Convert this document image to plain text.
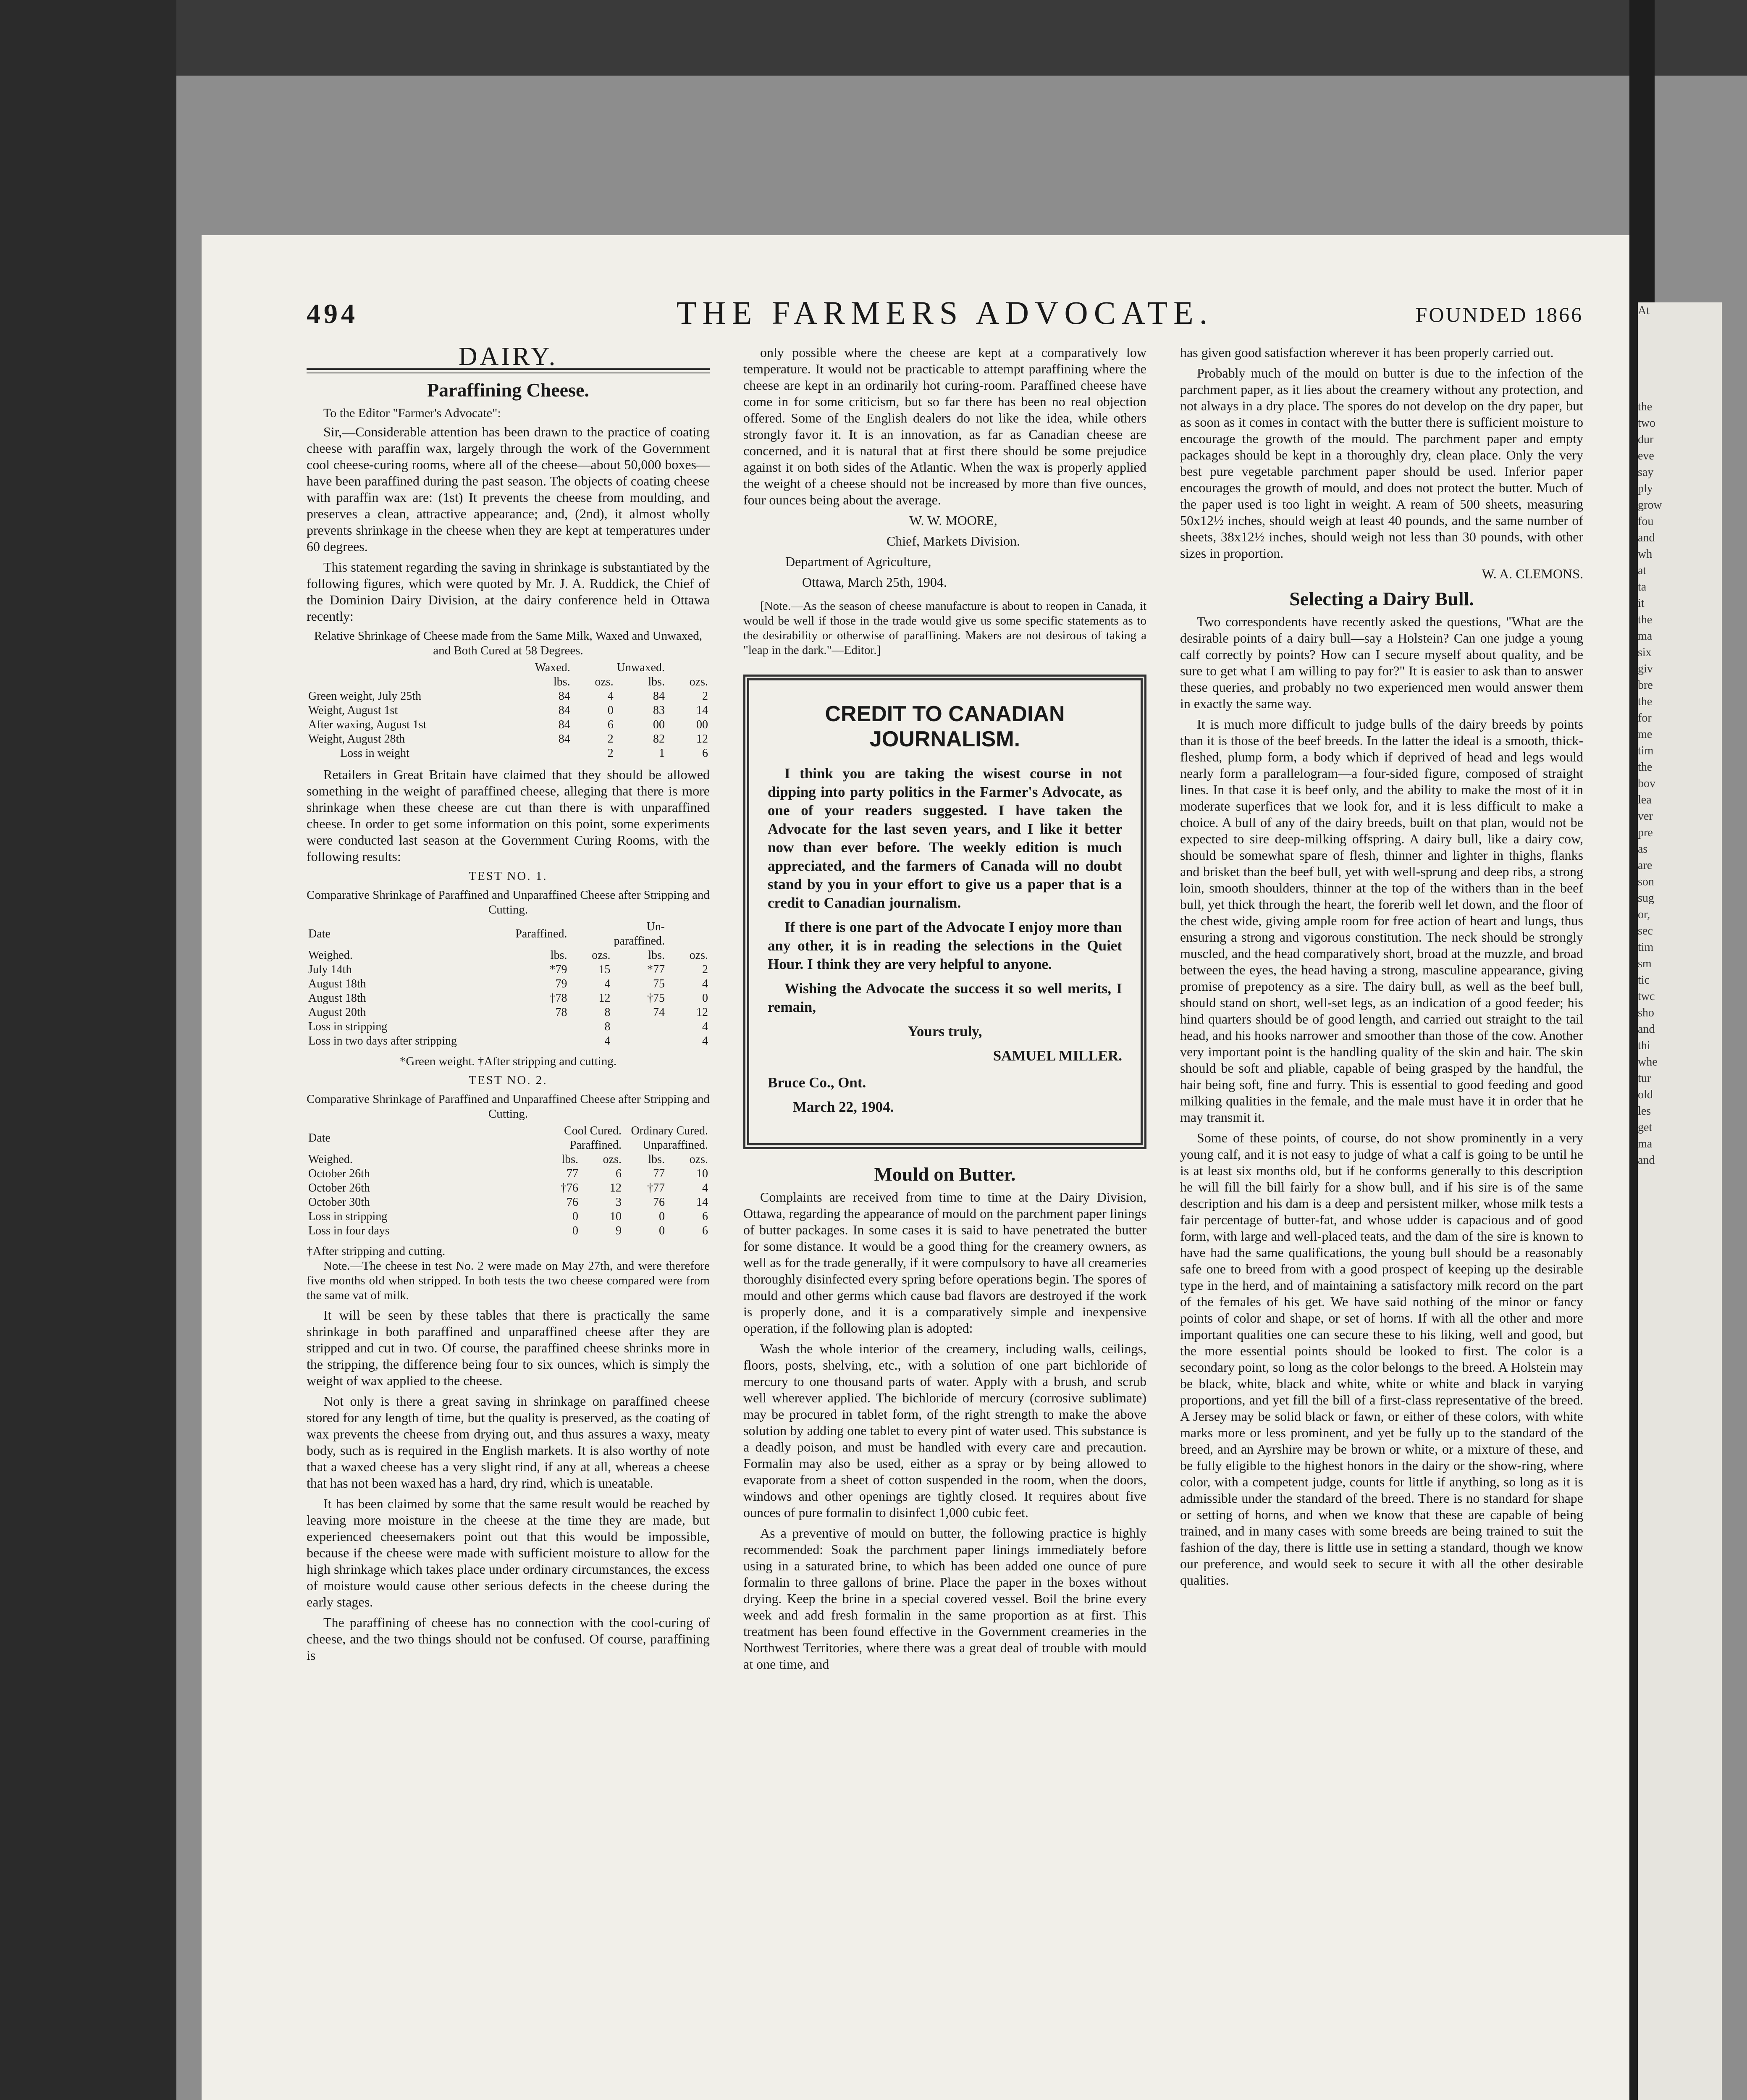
At
the
two
dur
eve
say
ply
grow
fou
and
wh
at
ta
it
the
ma
six
giv
bre
the
for
me
tim
the
bov
lea
ver
pre
as
are
son
sug
or,
sec
tim
sm
tic
twc
sho
and
thi
whe
tur
old
les
get
ma
and
494	THE FARMERS ADVOCATE.	FOUNDED 1866
DAIRY.
Paraffining Cheese.
To the Editor "Farmer's Advocate":

Sir,—Considerable attention has been drawn to the practice of coating cheese with paraffin wax, largely through the work of the Government cool cheese-curing rooms, where all of the cheese—about 50,000 boxes—have been paraffined during the past season. The objects of coating cheese with paraffin wax are: (1st) It prevents the cheese from moulding, and preserves a clean, attractive appearance; and, (2nd), it almost wholly prevents shrinkage in the cheese when they are kept at temperatures under 60 degrees.

This statement regarding the saving in shrinkage is substantiated by the following figures, which were quoted by Mr. J. A. Ruddick, the Chief of the Dominion Dairy Division, at the dairy conference held in Ottawa recently:

Relative Shrinkage of Cheese made from the Same Milk, Waxed and Unwaxed, and Both Cured at 58 Degrees.
	Waxed.		Unwaxed.	
	lbs.	ozs.	lbs.	ozs.
Green weight, July 25th	84	4	84	2
Weight, August 1st	84	0	83	14
After waxing, August 1st	84	6	00	00
Weight, August 28th	84	2	82	12
Loss in weight		2	1	6

Retailers in Great Britain have claimed that they should be allowed something in the weight of paraffined cheese, alleging that there is more shrinkage when these cheese are cut than there is with unparaffined cheese. In order to get some information on this point, some experiments were conducted last season at the Government Curing Rooms, with the following results:

TEST NO. 1.
Comparative Shrinkage of Paraffined and Unparaffined Cheese after Stripping and Cutting.
Date	Paraffined.		Un-paraffined.	
Weighed.	lbs.	ozs.	lbs.	ozs.
July 14th	*79	15	*77	2
August 18th	79	4	75	4
August 18th	†78	12	†75	0
August 20th	78	8	74	12
Loss in stripping		8		4
Loss in two days after stripping		4		4
*Green weight. †After stripping and cutting.
TEST NO. 2.
Comparative Shrinkage of Paraffined and Unparaffined Cheese after Stripping and Cutting.
Date	Cool Cured. Paraffined.		Ordinary Cured. Unparaffined.	
Weighed.	lbs.	ozs.	lbs.	ozs.
October 26th	77	6	77	10
October 26th	†76	12	†77	4
October 30th	76	3	76	14
Loss in stripping	0	10	0	6
Loss in four days	0	9	0	6
†After stripping and cutting.

Note.—The cheese in test No. 2 were made on May 27th, and were therefore five months old when stripped. In both tests the two cheese compared were from the same vat of milk.

It will be seen by these tables that there is practically the same shrinkage in both paraffined and unparaffined cheese after they are stripped and cut in two. Of course, the paraffined cheese shrinks more in the stripping, the difference being four to six ounces, which is simply the weight of wax applied to the cheese.

Not only is there a great saving in shrinkage on paraffined cheese stored for any length of time, but the quality is preserved, as the coating of wax prevents the cheese from drying out, and thus assures a waxy, meaty body, such as is required in the English markets. It is also worthy of note that a waxed cheese has a very slight rind, if any at all, whereas a cheese that has not been waxed has a hard, dry rind, which is uneatable.

It has been claimed by some that the same result would be reached by leaving more moisture in the cheese at the time they are made, but experienced cheesemakers point out that this would be impossible, because if the cheese were made with sufficient moisture to allow for the high shrinkage which takes place under ordinary circumstances, the excess of moisture would cause other serious defects in the cheese during the early stages.

The paraffining of cheese has no connection with the cool-curing of cheese, and the two things should not be confused. Of course, paraffining is

only possible where the cheese are kept at a comparatively low temperature. It would not be practicable to attempt paraffining where the cheese are kept in an ordinarily hot curing-room. Paraffined cheese have come in for some criticism, but so far there has been no real objection offered. Some of the English dealers do not like the idea, while others strongly favor it. It is an innovation, as far as Canadian cheese are concerned, and it is natural that at first there should be some prejudice against it on both sides of the Atlantic. When the wax is properly applied the weight of a cheese should not be increased by more than five ounces, four ounces being about the average.

W. W. MOORE,

Chief, Markets Division.

Department of Agriculture,

Ottawa, March 25th, 1904.

[Note.—As the season of cheese manufacture is about to reopen in Canada, it would be well if those in the trade would give us some specific statements as to the desirability or otherwise of paraffining. Makers are not desirous of taking a "leap in the dark."—Editor.]

CREDIT TO CANADIAN JOURNALISM.

I think you are taking the wisest course in not dipping into party politics in the Farmer's Advocate, as one of your readers suggested. I have taken the Advocate for the last seven years, and I like it better now than ever before. The weekly edition is much appreciated, and the farmers of Canada will no doubt stand by you in your effort to give us a paper that is a credit to Canadian journalism.

If there is one part of the Advocate I enjoy more than any other, it is in reading the selections in the Quiet Hour. I think they are very helpful to anyone.

Wishing the Advocate the success it so well merits, I remain,

Yours truly,

SAMUEL MILLER.

Bruce Co., Ont.

March 22, 1904.

Mould on Butter.

Complaints are received from time to time at the Dairy Division, Ottawa, regarding the appearance of mould on the parchment paper linings of butter packages. In some cases it is said to have penetrated the butter for some distance. It would be a good thing for the creamery owners, as well as for the trade generally, if it were compulsory to have all creameries thoroughly disinfected every spring before operations begin. The spores of mould and other germs which cause bad flavors are destroyed if the work is properly done, and it is a comparatively simple and inexpensive operation, if the following plan is adopted:

Wash the whole interior of the creamery, including walls, ceilings, floors, posts, shelving, etc., with a solution of one part bichloride of mercury to one thousand parts of water. Apply with a brush, and scrub well wherever applied. The bichloride of mercury (corrosive sublimate) may be procured in tablet form, of the right strength to make the above solution by adding one tablet to every pint of water used. This substance is a deadly poison, and must be handled with every care and precaution. Formalin may also be used, either as a spray or by being allowed to evaporate from a sheet of cotton suspended in the room, when the doors, windows and other openings are tightly closed. It requires about five ounces of pure formalin to disinfect 1,000 cubic feet.

As a preventive of mould on butter, the following practice is highly recommended: Soak the parchment paper linings immediately before using in a saturated brine, to which has been added one ounce of pure formalin to three gallons of brine. Place the paper in the boxes without drying. Keep the brine in a special covered vessel. Boil the brine every week and add fresh formalin in the same proportion as at first. This treatment has been found effective in the Government creameries in the Northwest Territories, where there was a great deal of trouble with mould at one time, and

has given good satisfaction wherever it has been properly carried out.

Probably much of the mould on butter is due to the infection of the parchment paper, as it lies about the creamery without any protection, and not always in a dry place. The spores do not develop on the dry paper, but as soon as it comes in contact with the butter there is sufficient moisture to encourage the growth of the mould. The parchment paper and empty packages should be kept in a thoroughly dry, clean place. Only the very best pure vegetable parchment paper should be used. Inferior paper encourages the growth of mould, and does not protect the butter. Much of the paper used is too light in weight. A ream of 500 sheets, measuring 50x12½ inches, should weigh at least 40 pounds, and the same number of sheets, 38x12½ inches, should weigh not less than 30 pounds, with other sizes in proportion.

W. A. CLEMONS.

Selecting a Dairy Bull.

Two correspondents have recently asked the questions, "What are the desirable points of a dairy bull—say a Holstein? Can one judge a young calf correctly by points? How can I secure myself about quality, and be sure to get what I am willing to pay for?" It is easier to ask than to answer these queries, and probably no two experienced men would answer them in exactly the same way.

It is much more difficult to judge bulls of the dairy breeds by points than it is those of the beef breeds. In the latter the ideal is a smooth, thick-fleshed, plump form, a body which if deprived of head and legs would nearly form a parallelogram—a four-sided figure, composed of straight lines. In that case it is beef only, and the ability to make the most of it in moderate superfices that we look for, and it is less difficult to make a choice. A bull of any of the dairy breeds, built on that plan, would not be expected to sire deep-milking offspring. A dairy bull, like a dairy cow, should be somewhat spare of flesh, thinner and lighter in thighs, flanks and brisket than the beef bull, yet with well-sprung and deep ribs, a strong loin, smooth shoulders, thinner at the top of the withers than in the beef bull, yet thick through the heart, the forerib well let down, and the floor of the chest wide, giving ample room for free action of heart and lungs, thus ensuring a strong and vigorous constitution. The neck should be strongly muscled, and the head comparatively short, broad at the muzzle, and broad between the eyes, the head having a strong, masculine appearance, giving promise of prepotency as a sire. The dairy bull, as well as the beef bull, should stand on short, well-set legs, as an indication of a good feeder; his hind quarters should be of good length, and carried out straight to the tail head, and his hooks narrower and smoother than those of the cow. Another very important point is the handling quality of the skin and hair. The skin should be soft and pliable, capable of being grasped by the handful, the hair being soft, fine and furry. This is essential to good feeding and good milking qualities in the female, and the male must have it in order that he may transmit it.

Some of these points, of course, do not show prominently in a very young calf, and it is not easy to judge of what a calf is going to be until he is at least six months old, but if he conforms generally to this description he will fill the bill fairly for a show bull, and if his sire is of the same description and his dam is a deep and persistent milker, whose milk tests a fair percentage of butter-fat, and whose udder is capacious and of good form, with large and well-placed teats, and the dam of the sire is known to have had the same qualifications, the young bull should be a reasonably safe one to breed from with a good prospect of keeping up the desirable type in the herd, and of maintaining a satisfactory milk record on the part of the females of his get. We have said nothing of the minor or fancy points of color and shape, or set of horns. If with all the other and more important qualities one can secure these to his liking, well and good, but the more essential points should be looked to first. The color is a secondary point, so long as the color belongs to the breed. A Holstein may be black, white, black and white, white or white and black in varying proportions, and yet fill the bill of a first-class representative of the breed. A Jersey may be solid black or fawn, or either of these colors, with white marks more or less prominent, and yet be fully up to the standard of the breed, and an Ayrshire may be brown or white, or a mixture of these, and be fully eligible to the highest honors in the dairy or the show-ring, where color, with a competent judge, counts for little if anything, so long as it is admissible under the standard of the breed. There is no standard for shape or setting of horns, and when we know that these are capable of being trained, and in many cases with some breeds are being trained to suit the fashion of the day, there is little use in setting a standard, though we know our preference, and would seek to secure it with all the other desirable qualities.
